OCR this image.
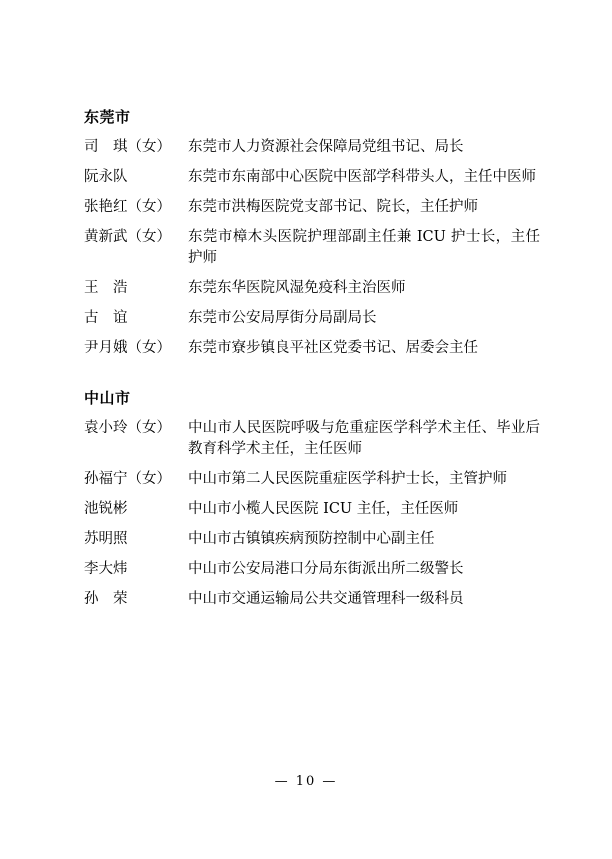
东莞市
司　琪（女）	东莞市人力资源社会保障局党组书记、局长
阮永队	东莞市东南部中心医院中医部学科带头人，主任中医师
张艳红（女）	东莞市洪梅医院党支部书记、院长，主任护师
黄新武（女）	东莞市樟木头医院护理部副主任兼 ICU 护士长，主任护师
王　浩	东莞东华医院风湿免疫科主治医师
古　谊	东莞市公安局厚街分局副局长
尹月娥（女）	东莞市寮步镇良平社区党委书记、居委会主任
中山市
袁小玲（女）	中山市人民医院呼吸与危重症医学科学术主任、毕业后教育科学术主任，主任医师
孙福宁（女）	中山市第二人民医院重症医学科护士长，主管护师
池锐彬	中山市小榄人民医院 ICU 主任，主任医师
苏明照	中山市古镇镇疾病预防控制中心副主任
李大炜	中山市公安局港口分局东街派出所二级警长
孙　荣	中山市交通运输局公共交通管理科一级科员
— 10 —
